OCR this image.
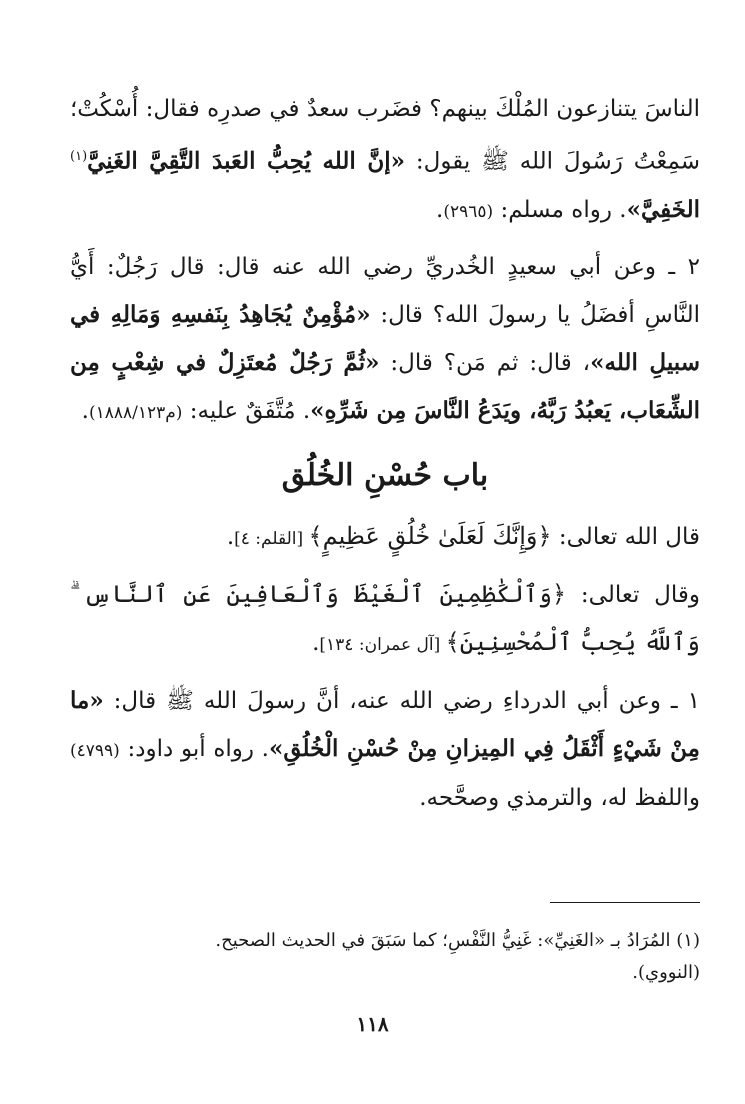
الناسَ يتنازعون المُلْكَ بينهم؟ فضَرب سعدٌ في صدرِه فقال: أُسْكُتْ؛ سَمِعْتُ رَسُولَ الله ﷺ يقول: «إنَّ الله يُحِبُّ العَبدَ التَّقِيَّ الغَنِيَّ$^{(١)}$ الخَفِيَّ». رواه مسلم: (٢٩٦٥).

٢ ـ وعن أبي سعيدٍ الخُدريِّ رضي الله عنه قال: قال رَجُلٌ: أَيُّ النَّاسِ أفضَلُ يا رسولَ الله؟ قال: «مُؤْمِنٌ يُجَاهِدُ بِنَفسِهِ وَمَالِهِ في سبيلِ الله»، قال: ثم مَن؟ قال: «ثُمَّ رَجُلٌ مُعتَزِلٌ في شِعْبٍ مِن الشِّعَاب، يَعبُدُ رَبَّهُ، ويَدَعُ النَّاسَ مِن شَرِّهِ». مُتَّفَقٌ عليه: (م١٨٨٨/١٢٣).

باب حُسْنِ الخُلُق

قال الله تعالى: ﴿وَإِنَّكَ لَعَلَىٰ خُلُقٍ عَظِيمٍ﴾ [القلم: ٤].

وقال تعالى: ﴿وَٱلْكَٰظِمِينَ ٱلْغَيْظَ وَٱلْعَافِينَ عَنِ ٱلنَّاسِ ۗ وَٱللَّهُ يُحِبُّ ٱلْمُحْسِنِينَ﴾ [آل عمران: ١٣٤].

١ ـ وعن أبي الدرداءِ رضي الله عنه، أنَّ رسولَ الله ﷺ قال: «ما مِنْ شَيْءٍ أَثْقَلُ فِي المِيزانِ مِنْ حُسْنِ الْخُلُقِ». رواه أبو داود: (٤٧٩٩) واللفظ له، والترمذي وصحَّحه.

(١) المُرَادُ بـ «الغَنِيِّ»: غَنِيُّ النَّفْسِ؛ كما سَبَقَ في الحديث الصحيح.

(النووي).

١١٨
